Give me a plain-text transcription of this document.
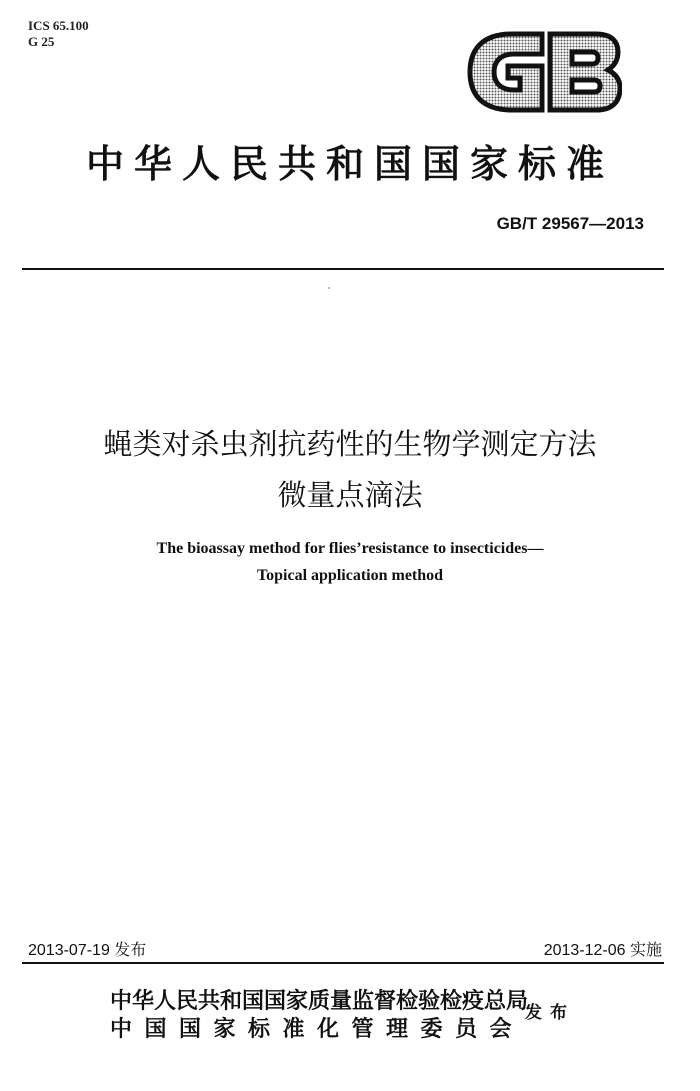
ICS 65.100
G 25
中华人民共和国国家标准
GB/T 29567—2013
蝇类对杀虫剂抗药性的生物学测定方法
微量点滴法
The bioassay method for flies’resistance to insecticides—
Topical application method
2013-07-19 发布	2013-12-06 实施
中华人民共和国国家质量监督检验检疫总局
中国国家标准化管理委员会
发布
